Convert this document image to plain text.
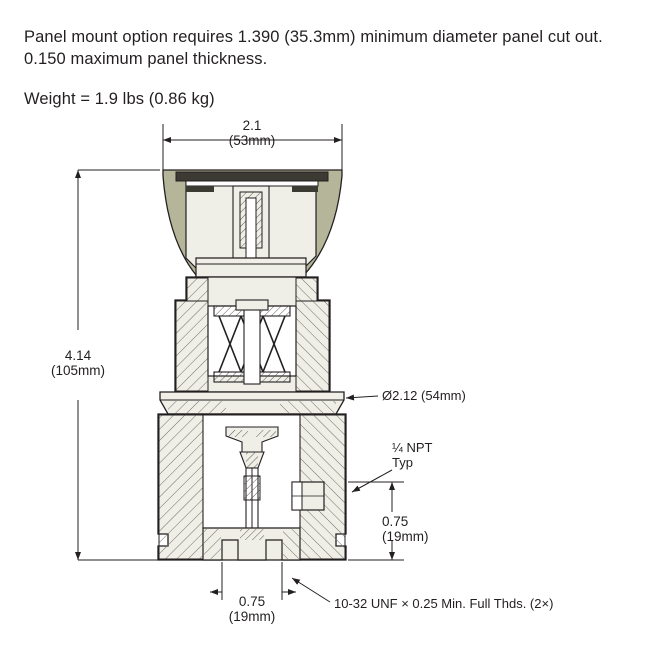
Panel mount option requires 1.390 (35.3mm) minimum diameter panel cut out. 0.150 maximum panel thickness.
Weight = 1.9 lbs (0.86 kg)
2.1
(53mm)
4.14
(105mm)
Ø2.12 (54mm)
¼ NPT
Typ
0.75
(19mm)
0.75
(19mm)
10-32 UNF × 0.25 Min. Full Thds. (2×)
